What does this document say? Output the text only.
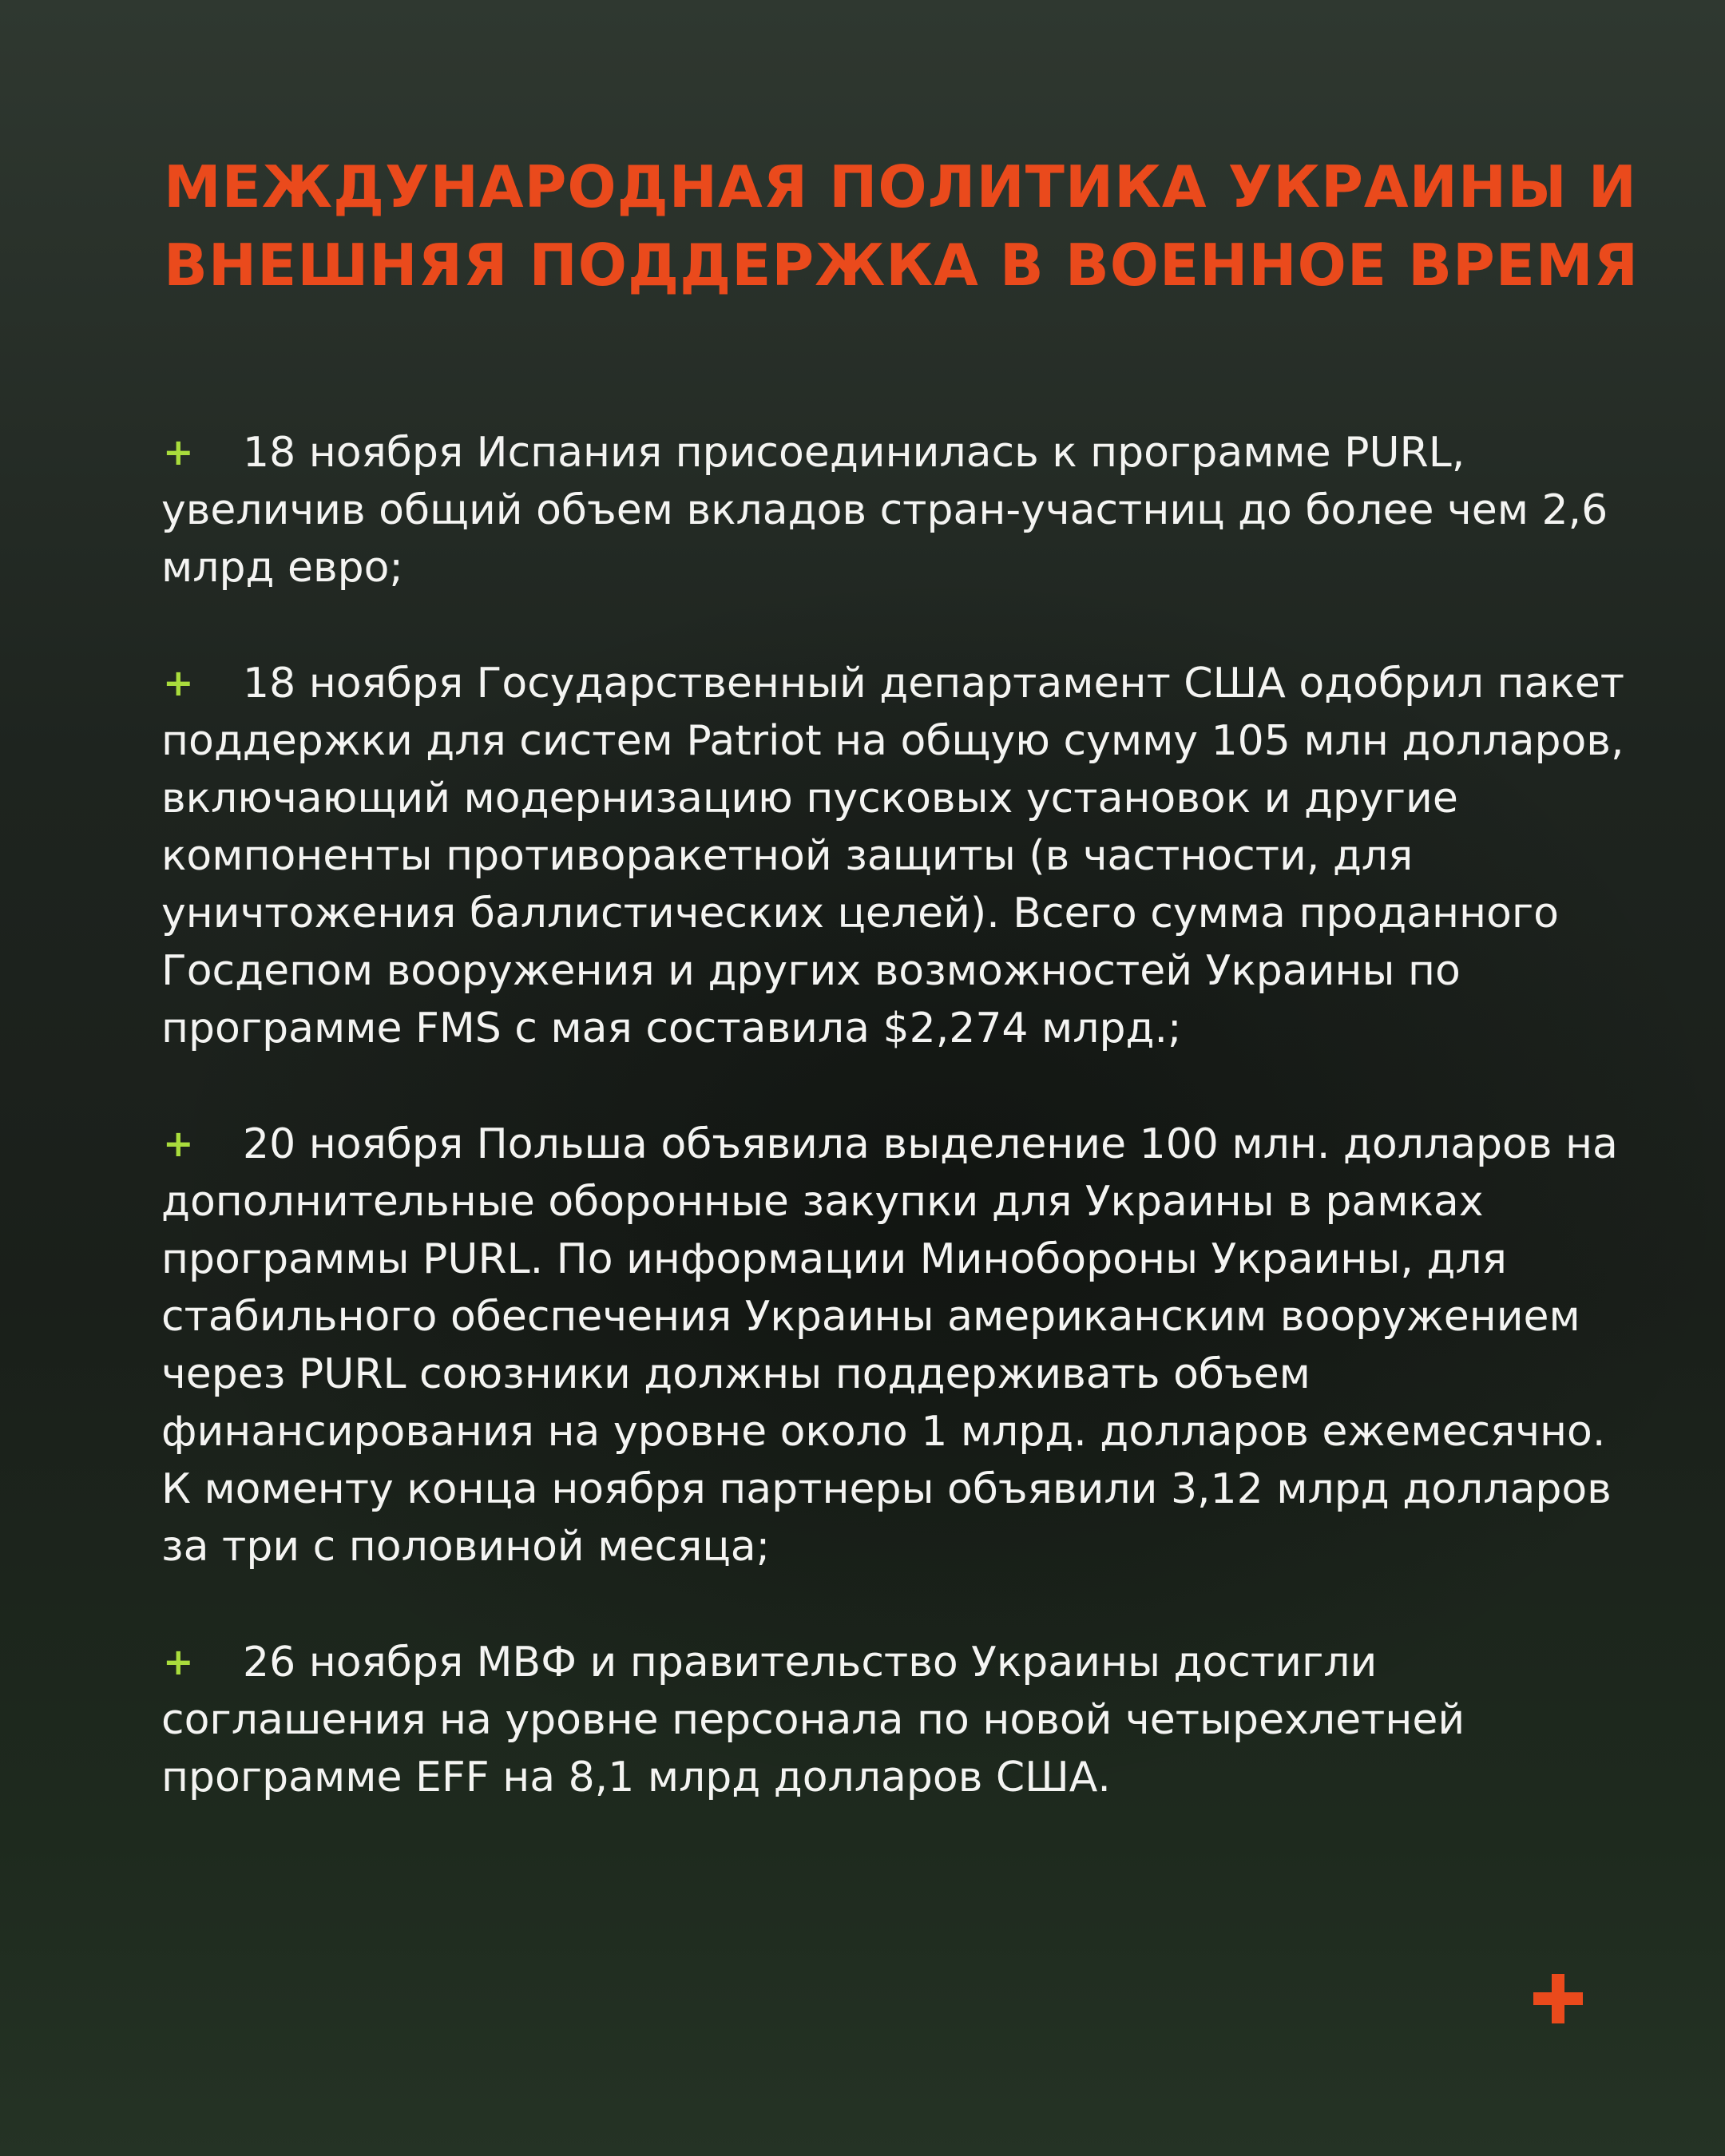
МЕЖДУНАРОДНАЯ ПОЛИТИКА УКРАИНЫ И ВНЕШНЯЯ ПОДДЕРЖКА В ВОЕННОЕ ВРЕМЯ
+ 18 ноября Испания присоединилась к программе PURL, увеличив общий объем вкладов стран-участниц до более чем 2,6 млрд евро;
+ 18 ноября Государственный департамент США одобрил пакет поддержки для систем Patriot на общую сумму 105 млн долларов, включающий модернизацию пусковых установок и другие компоненты противоракетной защиты (в частности, для уничтожения баллистических целей). Всего сумма проданного Госдепом вооружения и других возможностей Украины по программе FMS с мая составила $2,274 млрд.;
+ 20 ноября Польша объявила выделение 100 млн. долларов на дополнительные оборонные закупки для Украины в рамках программы PURL. По информации Минобороны Украины, для стабильного обеспечения Украины американским вооружением через PURL союзники должны поддерживать объем финансирования на уровне около 1 млрд. долларов ежемесячно. К моменту конца ноября партнеры объявили 3,12 млрд долларов за три с половиной месяца;
+ 26 ноября МВФ и правительство Украины достигли соглашения на уровне персонала по новой четырехлетней программе EFF на 8,1 млрд долларов США.
